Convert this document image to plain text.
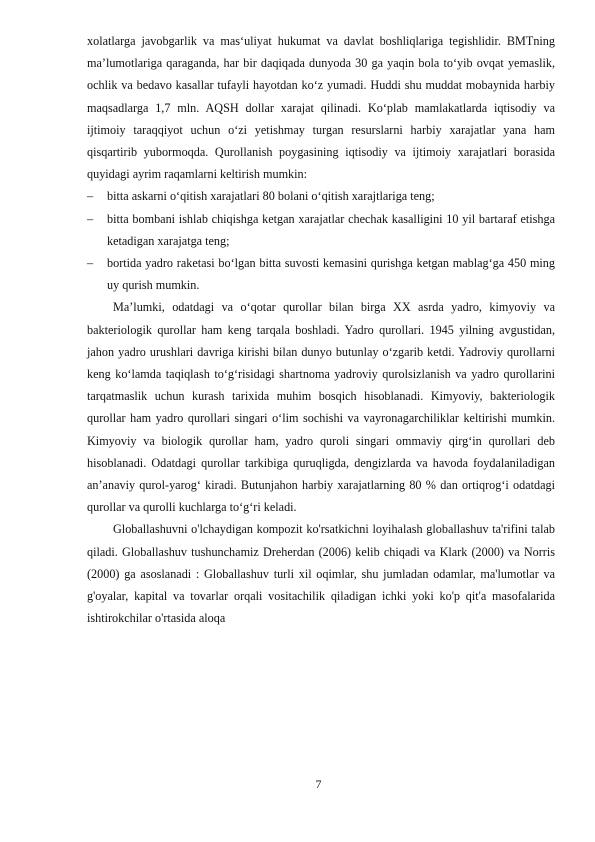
xolatlarga javobgarlik va mas‘uliyat hukumat va davlat boshliqlariga tegishlidir. BMTning ma’lumotlariga qaraganda, har bir daqiqada dunyoda 30 ga yaqin bola to‘yib ovqat yemaslik, ochlik va bedavo kasallar tufayli hayotdan ko‘z yumadi. Huddi shu muddat mobaynida harbiy maqsadlarga 1,7 mln. AQSH dollar xarajat qilinadi. Ko‘plab mamlakatlarda iqtisodiy va ijtimoiy taraqqiyot uchun o‘zi yetishmay turgan resurslarni harbiy xarajatlar yana ham qisqartirib yubormoqda. Qurollanish poygasining iqtisodiy va ijtimoiy xarajatlari borasida quyidagi ayrim raqamlarni keltirish mumkin:

–	bitta askarni o‘qitish xarajatlari 80 bolani o‘qitish xarajtlariga teng;
–	bitta bombani ishlab chiqishga ketgan xarajatlar chechak kasalligini 10 yil bartaraf etishga ketadigan xarajatga teng;
–	bortida yadro raketasi bo‘lgan bitta suvosti kemasini qurishga ketgan mablag‘ga 450 ming uy qurish mumkin.

Ma’lumki, odatdagi va o‘qotar qurollar bilan birga XX asrda yadro, kimyoviy va bakteriologik qurollar ham keng tarqala boshladi. Yadro qurollari. 1945 yilning avgustidan, jahon yadro urushlari davriga kirishi bilan dunyo butunlay o‘zgarib ketdi. Yadroviy qurollarni keng ko‘lamda taqiqlash to‘g‘risidagi shartnoma yadroviy qurolsizlanish va yadro qurollarini tarqatmaslik uchun kurash tarixida muhim bosqich hisoblanadi. Kimyoviy, bakteriologik qurollar ham yadro qurollari singari o‘lim sochishi va vayronagarchiliklar keltirishi mumkin. Kimyoviy va biologik qurollar ham, yadro quroli singari ommaviy qirg‘in qurollari deb hisoblanadi. Odatdagi qurollar tarkibiga quruqligda, dengizlarda va havoda foydalaniladigan an’anaviy qurol-yarog‘ kiradi. Butunjahon harbiy xarajatlarning 80 % dan ortiqrog‘i odatdagi qurollar va qurolli kuchlarga to‘g‘ri keladi.

Globallashuvni o'lchaydigan kompozit ko'rsatkichni loyihalash globallashuv ta'rifini talab qiladi. Globallashuv tushunchamiz Dreherdan (2006) kelib chiqadi va Klark (2000) va Norris (2000) ga asoslanadi : Globallashuv turli xil oqimlar, shu jumladan odamlar, ma'lumotlar va g'oyalar, kapital va tovarlar orqali vositachilik qiladigan ichki yoki ko'p qit'a masofalarida ishtirokchilar o'rtasida aloqa

7
